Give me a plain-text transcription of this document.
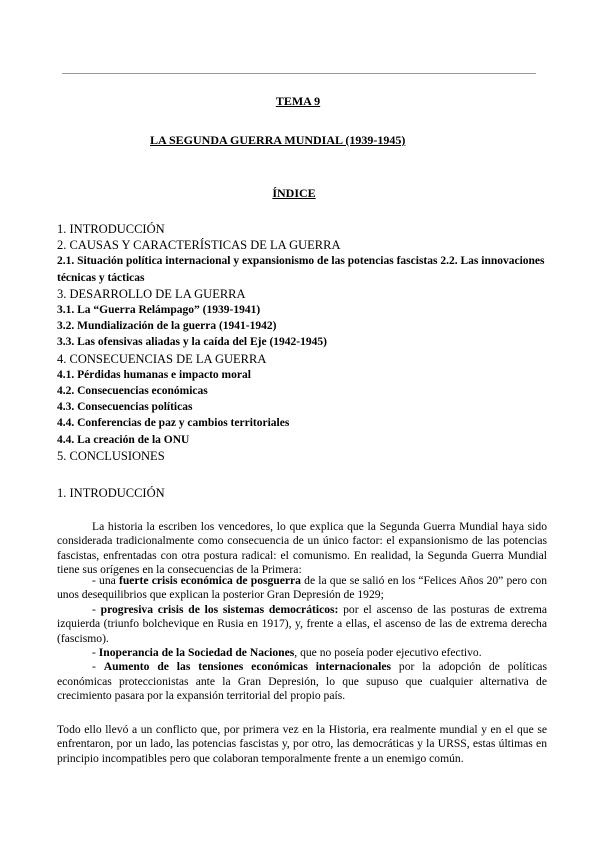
TEMA 9
LA SEGUNDA GUERRA MUNDIAL (1939-1945)
ÍNDICE
1. INTRODUCCIÓN
2. CAUSAS Y CARACTERÍSTICAS DE LA GUERRA
2.1. Situación política internacional y expansionismo de las potencias fascistas 2.2. Las innovaciones técnicas y tácticas
3. DESARROLLO DE LA GUERRA
3.1. La “Guerra Relámpago” (1939-1941)
3.2. Mundialización de la guerra (1941-1942)
3.3. Las ofensivas aliadas y la caída del Eje (1942-1945)
4. CONSECUENCIAS DE LA GUERRA
4.1. Pérdidas humanas e impacto moral
4.2. Consecuencias económicas
4.3. Consecuencias políticas
4.4. Conferencias de paz y cambios territoriales
4.4. La creación de la ONU
5. CONCLUSIONES
1. INTRODUCCIÓN

La historia la escriben los vencedores, lo que explica que la Segunda Guerra Mundial haya sido considerada tradicionalmente como consecuencia de un único factor: el expansionismo de las potencias fascistas, enfrentadas con otra postura radical: el comunismo. En realidad, la Segunda Guerra Mundial tiene sus orígenes en la consecuencias de la Primera:

- una fuerte crisis económica de posguerra de la que se salió en los “Felices Años 20” pero con unos desequilibrios que explican la posterior Gran Depresión de 1929;

- progresiva crisis de los sistemas democráticos: por el ascenso de las posturas de extrema izquierda (triunfo bolchevique en Rusia en 1917), y, frente a ellas, el ascenso de las de extrema derecha (fascismo).

- Inoperancia de la Sociedad de Naciones, que no poseía poder ejecutivo efectivo.

- Aumento de las tensiones económicas internacionales por la adopción de políticas económicas proteccionistas ante la Gran Depresión, lo que supuso que cualquier alternativa de crecimiento pasara por la expansión territorial del propio país.

Todo ello llevó a un conflicto que, por primera vez en la Historia, era realmente mundial y en el que se enfrentaron, por un lado, las potencias fascistas y, por otro, las democráticas y la URSS, estas últimas en principio incompatibles pero que colaboran temporalmente frente a un enemigo común.
